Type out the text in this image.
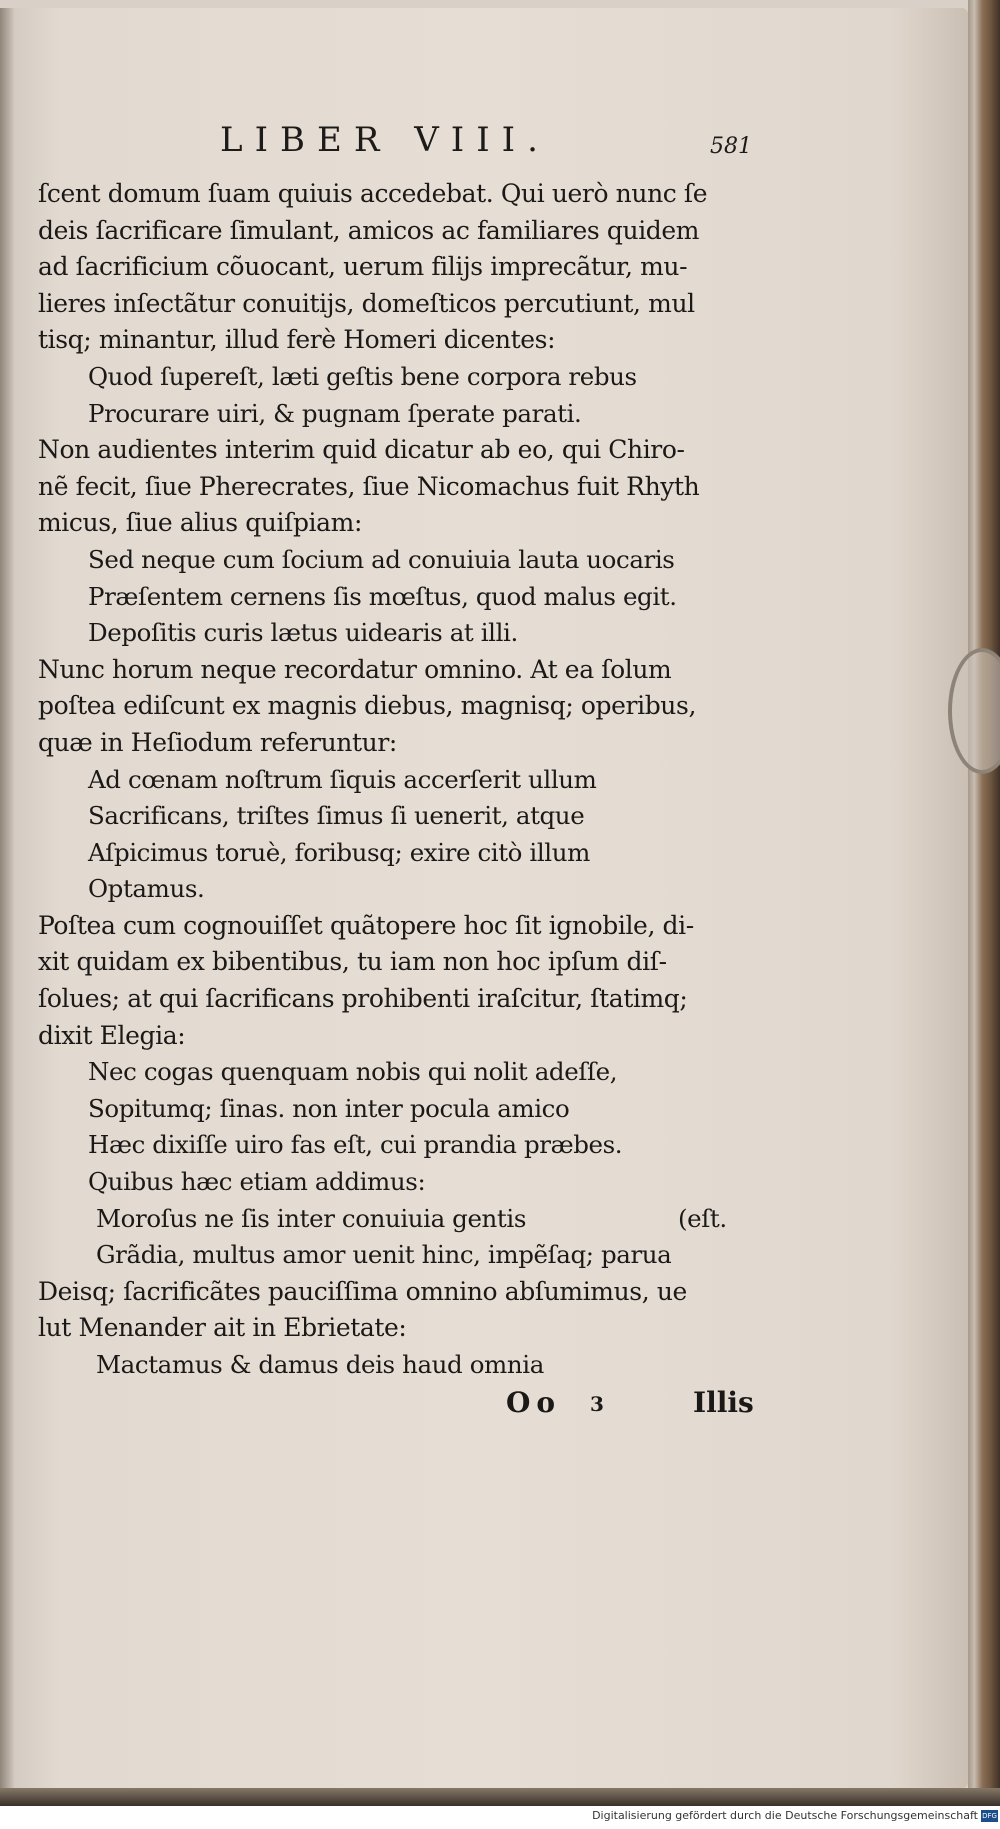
LIBER VIII.	581
ſcent domum ſuam quiuis accedebat. Qui uerò nunc ſe
deis ſacrificare ſimulant, amicos ac familiares quidem
ad ſacrificium cõuocant, uerum filijs imprecãtur, mu-
lieres inſectãtur conuitijs, domeſticos percutiunt, mul
tisq; minantur, illud ferè Homeri dicentes:
Quod ſupereſt, læti geſtis bene corpora rebus
Procurare uiri, & pugnam ſperate parati.
Non audientes interim quid dicatur ab eo, qui Chiro-
nẽ fecit, ſiue Pherecrates, ſiue Nicomachus fuit Rhyth
micus, ſiue alius quiſpiam:
Sed neque cum ſocium ad conuiuia lauta uocaris
Præſentem cernens ſis mœſtus, quod malus egit.
Depoſitis curis lætus uidearis at illi.
Nunc horum neque recordatur omnino. At ea ſolum
poſtea ediſcunt ex magnis diebus, magnisq; operibus,
quæ in Heſiodum referuntur:
Ad cœnam noſtrum ſiquis accerſerit ullum
Sacrificans, triſtes ſimus ſi uenerit, atque
Aſpicimus toruè, foribusq; exire citò illum
Optamus.
Poſtea cum cognouiſſet quãtopere hoc ſit ignobile, di-
xit quidam ex bibentibus, tu iam non hoc ipſum diſ-
ſolues; at qui ſacrificans prohibenti iraſcitur, ſtatimq;
dixit Elegia:
Nec cogas quenquam nobis qui nolit adeſſe,
Sopitumq; ſinas. non inter pocula amico
Hæc dixiſſe uiro fas eſt, cui prandia præbes.
Quibus hæc etiam addimus:
Moroſus ne ſis inter conuiuia gentis	(eſt.
Grãdia, multus amor uenit hinc, impẽſaq; parua
Deisq; ſacrificãtes pauciſſima omnino abſumimus, ue
lut Menander ait in Ebrietate:
Mactamus & damus deis haud omnia
Oo 3	Illis
Digitalisierung gefördert durch die Deutsche Forschungsgemeinschaft DFG
